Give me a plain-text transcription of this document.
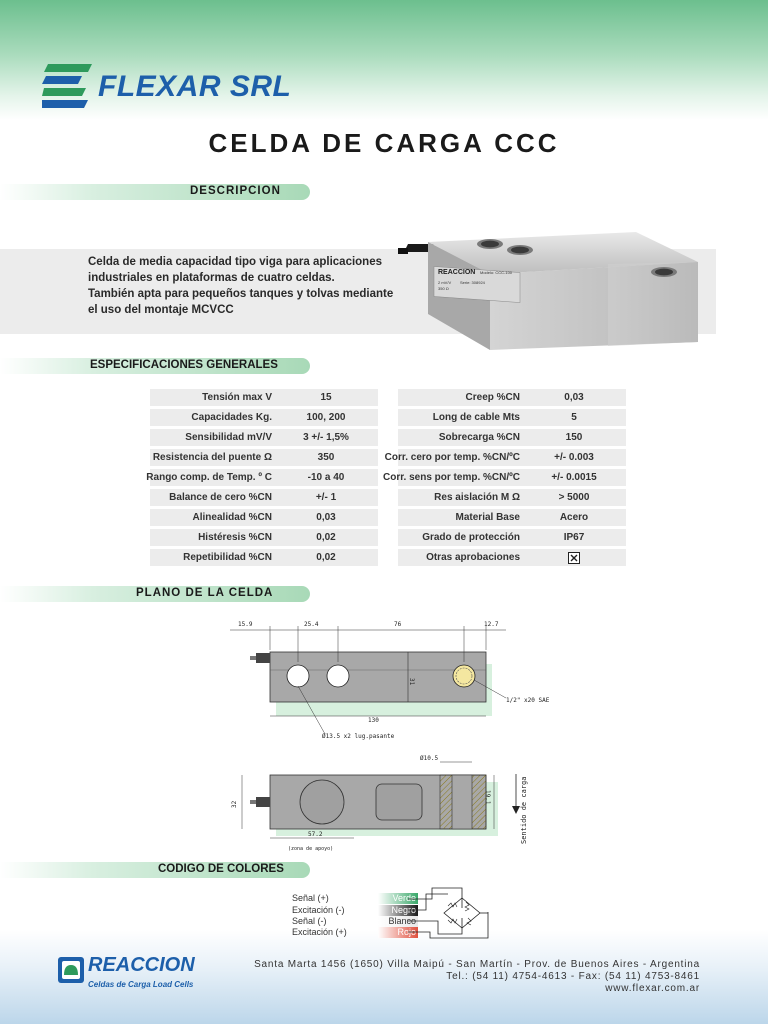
FLEXAR SRL
CELDA DE CARGA CCC
DESCRIPCION
Celda de media capacidad tipo viga para aplicaciones
industriales en plataformas de cuatro celdas.
También apta para pequeños tanques y tolvas mediante
el uso del montaje MCVCC
REACCION Modelo: CCC-100
2 mV/V Serie: 308924
350 Ω
ESPECIFICACIONES GENERALES
Tensión max V	15
Capacidades Kg.	100, 200
Sensibilidad mV/V	3 +/- 1,5%
Resistencia del puente Ω	350
Rango comp. de Temp. º C	-10 a 40
Balance de cero %CN	+/- 1
Alinealidad %CN	0,03
Histéresis %CN	0,02
Repetibilidad %CN	0,02
Creep %CN	0,03
Long de cable Mts	5
Sobrecarga %CN	150
Corr. cero por temp. %CN/ºC	+/- 0.003
Corr. sens por temp. %CN/ºC	+/- 0.0015
Res aislación M Ω	> 5000
Material Base	Acero
Grado de protección	IP67
Otras aprobaciones
PLANO DE LA CELDA
15.9	25.4	76	12.7
31
130
Ø13.5 x2 lug.pasante
1/2" x20 SAE
32
Ø10.5
19.1
57.2
(zona de apoyo)
Sentido de carga
CODIGO DE COLORES
Señal (+)	Verde
Excitación (-)	Negro
Señal (-)	Blanco
Excitación (+)	Rojo
REACCION
Celdas de Carga Load Cells
Santa Marta 1456 (1650) Villa Maipú - San Martín - Prov. de Buenos Aires - Argentina
Tel.: (54 11) 4754-4613 - Fax: (54 11) 4753-8461
www.flexar.com.ar
